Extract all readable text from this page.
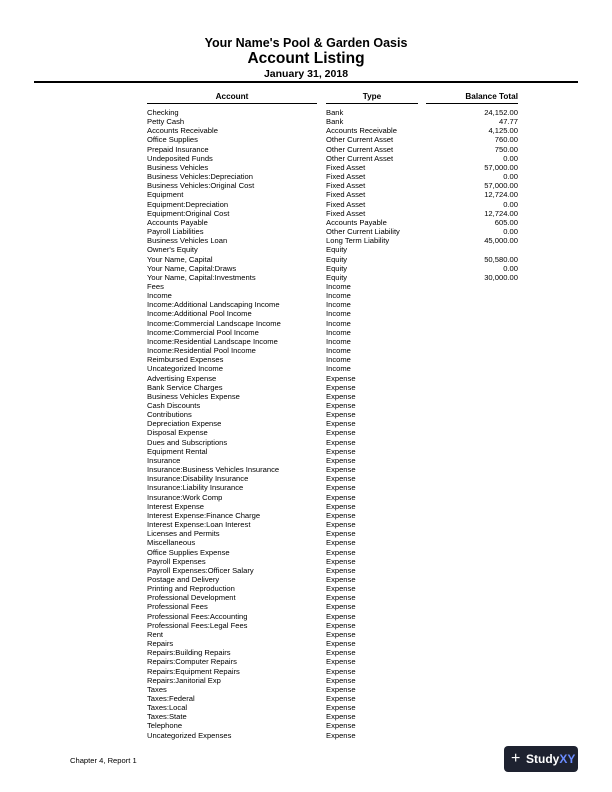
Your Name's Pool & Garden Oasis
Account Listing
January 31, 2018
Account	Type	Balance Total
Checking	Bank	24,152.00
Petty Cash	Bank	47.77
Accounts Receivable	Accounts Receivable	4,125.00
Office Supplies	Other Current Asset	760.00
Prepaid Insurance	Other Current Asset	750.00
Undeposited Funds	Other Current Asset	0.00
Business Vehicles	Fixed Asset	57,000.00
Business Vehicles:Depreciation	Fixed Asset	0.00
Business Vehicles:Original Cost	Fixed Asset	57,000.00
Equipment	Fixed Asset	12,724.00
Equipment:Depreciation	Fixed Asset	0.00
Equipment:Original Cost	Fixed Asset	12,724.00
Accounts Payable	Accounts Payable	605.00
Payroll Liabilities	Other Current Liability	0.00
Business Vehicles Loan	Long Term Liability	45,000.00
Owner's Equity	Equity
Your Name, Capital	Equity	50,580.00
Your Name, Capital:Draws	Equity	0.00
Your Name, Capital:Investments	Equity	30,000.00
Fees	Income
Income	Income
Income:Additional Landscaping Income	Income
Income:Additional Pool Income	Income
Income:Commercial Landscape Income	Income
Income:Commercial Pool Income	Income
Income:Residential Landscape Income	Income
Income:Residential Pool Income	Income
Reimbursed Expenses	Income
Uncategorized Income	Income
Advertising Expense	Expense
Bank Service Charges	Expense
Business Vehicles Expense	Expense
Cash Discounts	Expense
Contributions	Expense
Depreciation Expense	Expense
Disposal Expense	Expense
Dues and Subscriptions	Expense
Equipment Rental	Expense
Insurance	Expense
Insurance:Business Vehicles Insurance	Expense
Insurance:Disability Insurance	Expense
Insurance:Liability Insurance	Expense
Insurance:Work Comp	Expense
Interest Expense	Expense
Interest Expense:Finance Charge	Expense
Interest Expense:Loan Interest	Expense
Licenses and Permits	Expense
Miscellaneous	Expense
Office Supplies Expense	Expense
Payroll Expenses	Expense
Payroll Expenses:Officer Salary	Expense
Postage and Delivery	Expense
Printing and Reproduction	Expense
Professional Development	Expense
Professional Fees	Expense
Professional Fees:Accounting	Expense
Professional Fees:Legal Fees	Expense
Rent	Expense
Repairs	Expense
Repairs:Building Repairs	Expense
Repairs:Computer Repairs	Expense
Repairs:Equipment Repairs	Expense
Repairs:Janitorial Exp	Expense
Taxes	Expense
Taxes:Federal	Expense
Taxes:Local	Expense
Taxes:State	Expense
Telephone	Expense
Uncategorized Expenses	Expense
Chapter 4, Report 1	+ StudyXY
